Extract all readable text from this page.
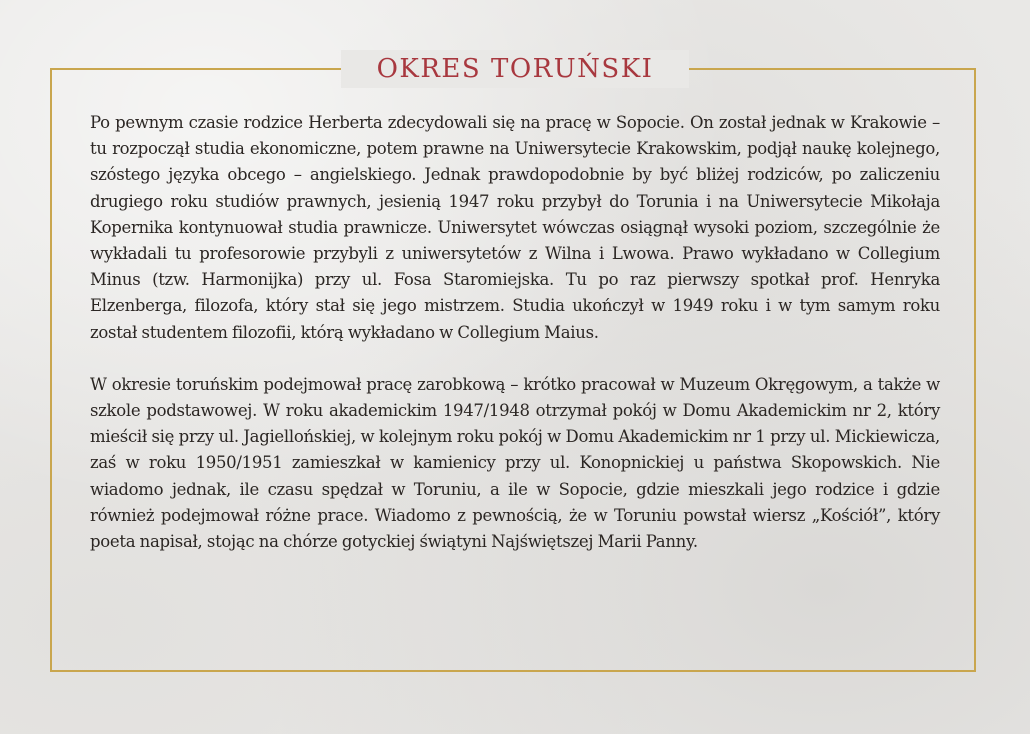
OKRES TORUŃSKI

Po pewnym czasie rodzice Herberta zdecydowali się na pracę w Sopocie. On został jednak w Krakowie – tu rozpoczął studia ekonomiczne, potem prawne na Uniwersytecie Krakowskim, podjął naukę kolejnego, szóstego języka obcego – angielskiego. Jednak prawdopodobnie by być bliżej rodziców, po zaliczeniu drugiego roku studiów prawnych, jesienią 1947 roku przybył do Torunia i na Uniwersytecie Mikołaja Kopernika kontynuował studia prawnicze. Uniwersytet wówczas osiągnął wysoki poziom, szczególnie że wykładali tu profesorowie przybyli z uniwersytetów z Wilna i Lwowa. Prawo wykładano w Collegium Minus (tzw. Harmonijka) przy ul. Fosa Staromiejska. Tu po raz pierwszy spotkał prof. Henryka Elzenberga, filozofa, który stał się jego mistrzem. Studia ukończył w 1949 roku i w tym samym roku został studentem filozofii, którą wykładano w Collegium Maius.

W okresie toruńskim podejmował pracę zarobkową – krótko pracował w Muzeum Okręgowym, a także w szkole podstawowej. W roku akademickim 1947/1948 otrzymał pokój w Domu Akademickim nr 2, który mieścił się przy ul. Jagiellońskiej, w kolejnym roku pokój w Domu Akademickim nr 1 przy ul. Mickiewicza, zaś w roku 1950/1951 zamieszkał w kamienicy przy ul. Konopnickiej u państwa Skopowskich. Nie wiadomo jednak, ile czasu spędzał w Toruniu, a ile w Sopocie, gdzie mieszkali jego rodzice i gdzie również podejmował różne prace. Wiadomo z pewnością, że w Toruniu powstał wiersz „Kościół”, który poeta napisał, stojąc na chórze gotyckiej świątyni Najświętszej Marii Panny.
